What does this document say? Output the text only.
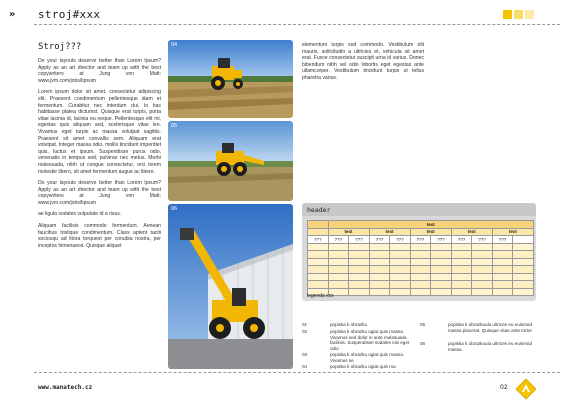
» stroj#xxx
Stroj???

Do your layouts deserve better than Lorem Ipsum? Apply as an art director and team up with the best copywriters at Jung von Matt: www.jvm.com/jobs/lipsum

Lorem ipsum dolor sit amet, consectetur adipiscing elit. Praesent condimentum pellentesque diam et fermentum. Curabitur nec interdum dui. In hac habitasse platea dictumst. Quisque erat turpis, porta vitae lacinia id, lacinia eu neque. Pellentesque elit mi, egestas quis aliquam sed, scelerisque vitae leo. Vivamus eget turpis ac massa volutpat sagittis. Praesent sit amet convallis sem. Aliquam erat volutpat. Integer massa odio, mollis tincidunt imperdiet quis, luctus et ipsum. Suspendisse purus odio, venenatis in tempus sed, pulvinar nec metus. Morbi malesuada, nibh ut congue consectetur, orci lorem molestie libero, sit amet fermentum augue ac libero.

Do your layouts deserve better than Lorem Ipsum? Apply as an art director and team up with the best copywriters at Jung von Matt: www.jvm.com/jobs/lipsum

ae ligula sodales vulputate id a risus.

Aliquam facilisis commodo fermentum. Aenean faucibus tristique condimentum. Class aptent taciti sociosqu ad litora torquent per conubia nostra, per inceptos himenaeos. Quisque aliquet

04
05
06
elementum turpis sed commodo. Vestibulum elit mauris, sollicitudin a ultricies et, vehicula sit amet erat. Fusce consectetur suscipit urna id varius. Donec bibendum nibh vel odio lobortis eget egestas ante ullamcorper. Vestibulum tincidunt turpis ut tellus pharetra varius.
header
	text									
	text		text		text		text		text	
???	???	???	???	???	???	???	???	???	???	

legenda xxx
01	popiska k obrazku
02	popiska k obrazku ugiat quis massa. Vivamus sed dolor in ante malesuada facilisis. Suspendisse sodales nisi eget odio
03	popiska k obrazku ugiat quis massa. Vivamus se
04	popiska k obrazku ugiat quis ma
05	popiska k obrazkuula ultrices eu euismod massa placerat. Quisque vitae ante tortor
06	popiska k obrazkuula ultrices eu euismod massa
www.manatech.cz	02
